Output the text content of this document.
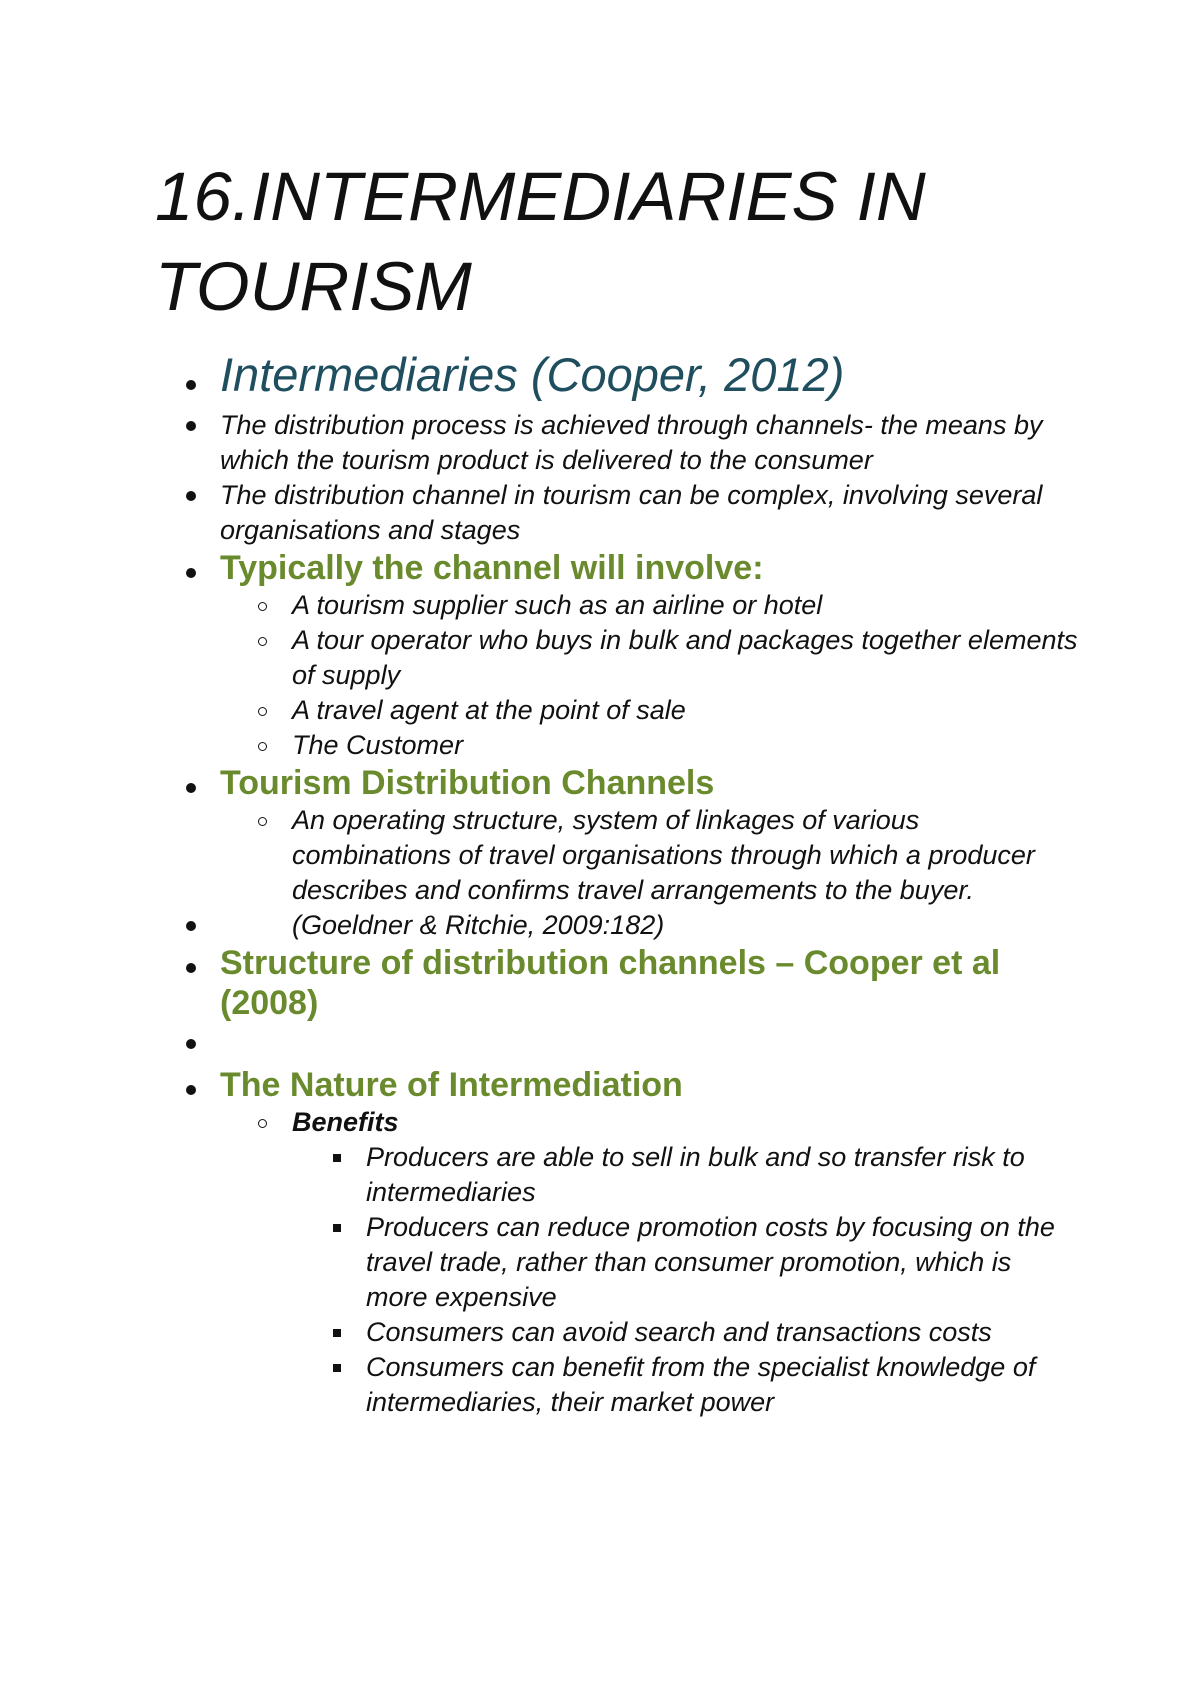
16.INTERMEDIARIES IN TOURISM
Intermediaries (Cooper, 2012)
The distribution process is achieved through channels- the means by which the tourism product is delivered to the consumer
The distribution channel in tourism can be complex, involving several organisations and stages
Typically the channel will involve:
A tourism supplier such as an airline or hotel
A tour operator who buys in bulk and packages together elements of supply
A travel agent at the point of sale
The Customer
Tourism Distribution Channels
An operating structure, system of linkages of various combinations of travel organisations through which a producer describes and confirms travel arrangements to the buyer.
(Goeldner & Ritchie, 2009:182)
Structure of distribution channels – Cooper et al (2008)
The Nature of Intermediation
Benefits
Producers are able to sell in bulk and so transfer risk to intermediaries
Producers can reduce promotion costs by focusing on the travel trade, rather than consumer promotion, which is more expensive
Consumers can avoid search and transactions costs
Consumers can benefit from the specialist knowledge of intermediaries, their market power
